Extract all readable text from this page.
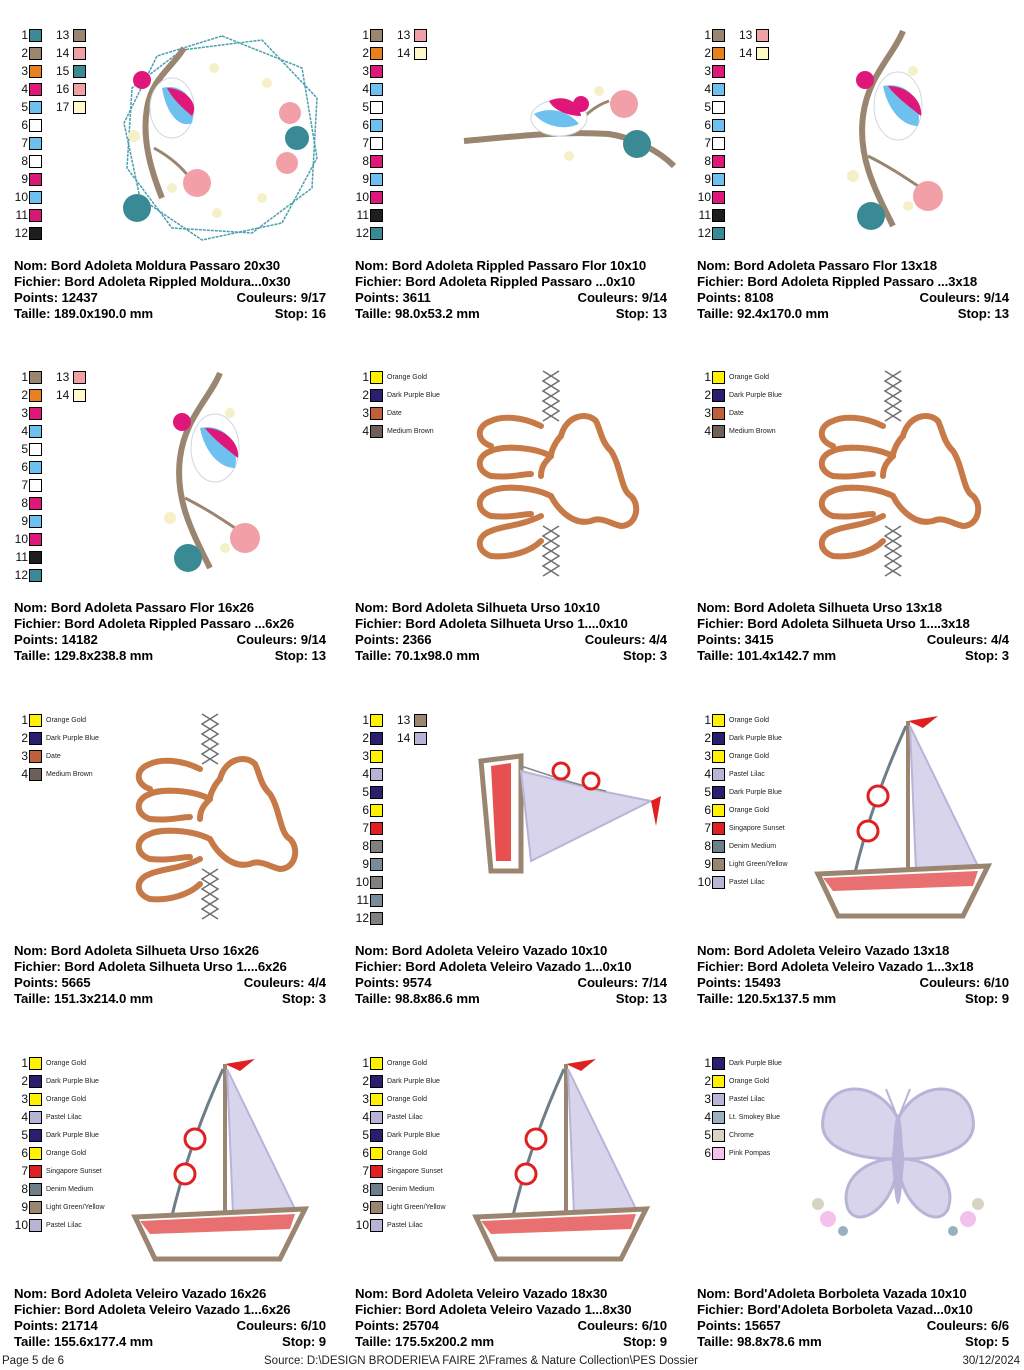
1
2
3
4
5
6
7
8
9
10
11
12
13
14
15
16
17
Nom: Bord Adoleta Moldura Passaro 20x30
Fichier: Bord Adoleta Rippled Moldura...0x30
Points: 12437	Couleurs: 9/17
Taille: 189.0x190.0 mm	Stop: 16
1
2
3
4
5
6
7
8
9
10
11
12
13
14
Nom: Bord Adoleta Rippled Passaro Flor 10x10
Fichier: Bord Adoleta Rippled Passaro ...0x10
Points: 3611	Couleurs: 9/14
Taille: 98.0x53.2 mm	Stop: 13
1
2
3
4
5
6
7
8
9
10
11
12
13
14
Nom: Bord Adoleta Passaro Flor 13x18
Fichier: Bord Adoleta Rippled Passaro ...3x18
Points: 8108	Couleurs: 9/14
Taille: 92.4x170.0 mm	Stop: 13
1
2
3
4
5
6
7
8
9
10
11
12
13
14
Nom: Bord Adoleta Passaro Flor 16x26
Fichier: Bord Adoleta Rippled Passaro ...6x26
Points: 14182	Couleurs: 9/14
Taille: 129.8x238.8 mm	Stop: 13
1	Orange Gold
2	Dark Purple Blue
3	Date
4	Medium Brown
Nom: Bord Adoleta Silhueta Urso 10x10
Fichier: Bord Adoleta Silhueta Urso 1....0x10
Points: 2366	Couleurs: 4/4
Taille: 70.1x98.0 mm	Stop: 3
1	Orange Gold
2	Dark Purple Blue
3	Date
4	Medium Brown
Nom: Bord Adoleta Silhueta Urso 13x18
Fichier: Bord Adoleta Silhueta Urso 1....3x18
Points: 3415	Couleurs: 4/4
Taille: 101.4x142.7 mm	Stop: 3
1	Orange Gold
2	Dark Purple Blue
3	Date
4	Medium Brown
Nom: Bord Adoleta Silhueta Urso 16x26
Fichier: Bord Adoleta Silhueta Urso 1....6x26
Points: 5665	Couleurs: 4/4
Taille: 151.3x214.0 mm	Stop: 3
1
2
3
4
5
6
7
8
9
10
11
12
13
14
Nom: Bord Adoleta Veleiro Vazado 10x10
Fichier: Bord Adoleta Veleiro Vazado 1...0x10
Points: 9574	Couleurs: 7/14
Taille: 98.8x86.6 mm	Stop: 13
1	Orange Gold
2	Dark Purple Blue
3	Orange Gold
4	Pastel Lilac
5	Dark Purple Blue
6	Orange Gold
7	Singapore Sunset
8	Denim Medium
9	Light Green/Yellow
10	Pastel Lilac
Nom: Bord Adoleta Veleiro Vazado 13x18
Fichier: Bord Adoleta Veleiro Vazado 1...3x18
Points: 15493	Couleurs: 6/10
Taille: 120.5x137.5 mm	Stop: 9
1	Orange Gold
2	Dark Purple Blue
3	Orange Gold
4	Pastel Lilac
5	Dark Purple Blue
6	Orange Gold
7	Singapore Sunset
8	Denim Medium
9	Light Green/Yellow
10	Pastel Lilac
Nom: Bord Adoleta Veleiro Vazado 16x26
Fichier: Bord Adoleta Veleiro Vazado 1...6x26
Points: 21714	Couleurs: 6/10
Taille: 155.6x177.4 mm	Stop: 9
1	Orange Gold
2	Dark Purple Blue
3	Orange Gold
4	Pastel Lilac
5	Dark Purple Blue
6	Orange Gold
7	Singapore Sunset
8	Denim Medium
9	Light Green/Yellow
10	Pastel Lilac
Nom: Bord Adoleta Veleiro Vazado 18x30
Fichier: Bord Adoleta Veleiro Vazado 1...8x30
Points: 25704	Couleurs: 6/10
Taille: 175.5x200.2 mm	Stop: 9
1	Dark Purple Blue
2	Orange Gold
3	Pastel Lilac
4	Lt. Smokey Blue
5	Chrome
6	Pink Pompas
Nom: Bord'Adoleta Borboleta Vazada 10x10
Fichier: Bord'Adoleta Borboleta Vazad...0x10
Points: 15657	Couleurs: 6/6
Taille: 98.8x78.6 mm	Stop: 5
Page 5 de 6	Source: D:\DESIGN BRODERIE\A FAIRE 2\Frames & Nature Collection\PES Dossier	30/12/2024
